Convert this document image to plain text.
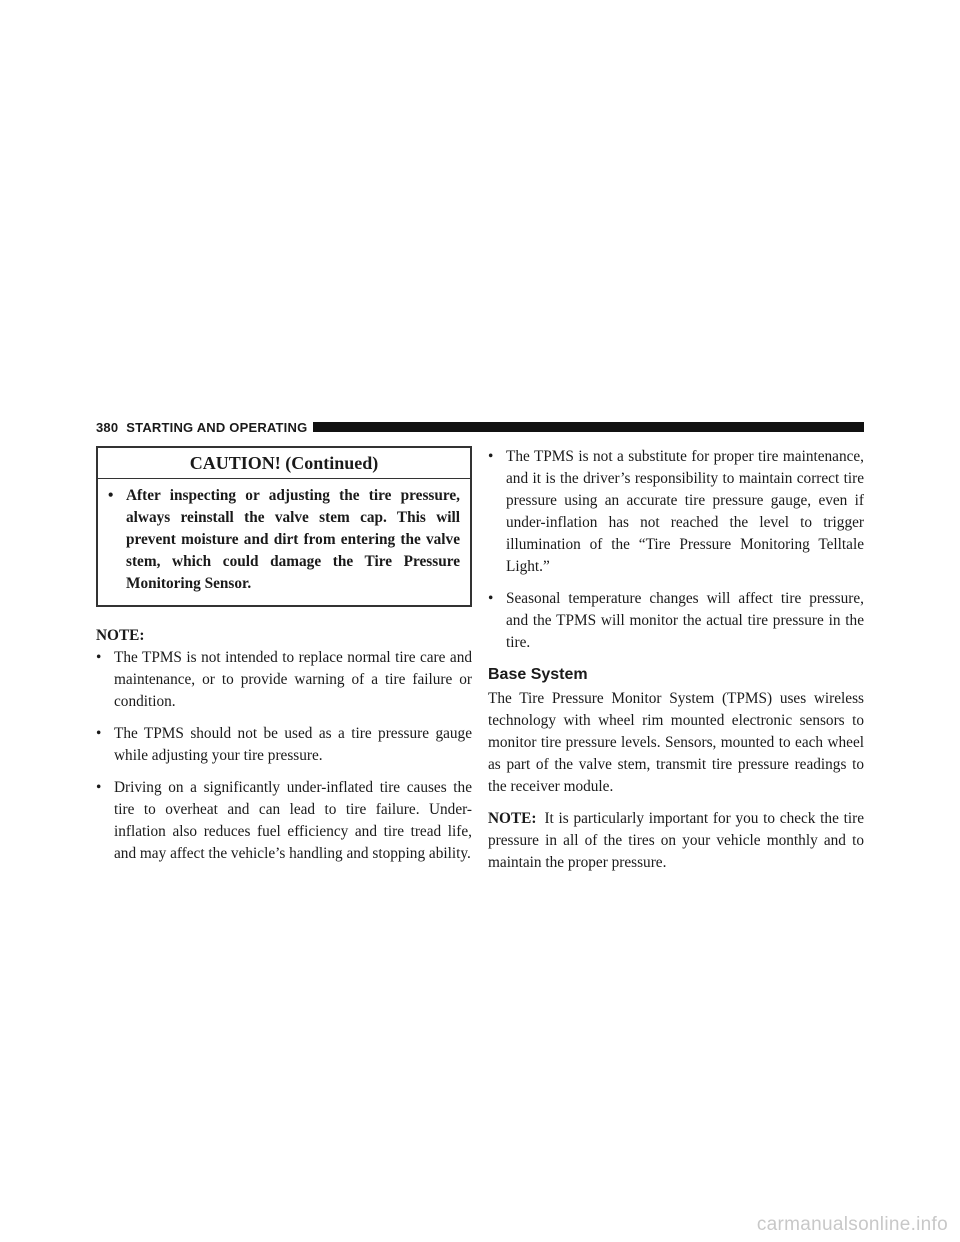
380 STARTING AND OPERATING
CAUTION! (Continued)
• After inspecting or adjusting the tire pressure, always reinstall the valve stem cap. This will prevent moisture and dirt from entering the valve stem, which could damage the Tire Pressure Monitoring Sensor.
NOTE:
• The TPMS is not intended to replace normal tire care and maintenance, or to provide warning of a tire failure or condition.
• The TPMS should not be used as a tire pressure gauge while adjusting your tire pressure.
• Driving on a significantly under-inflated tire causes the tire to overheat and can lead to tire failure. Under-inflation also reduces fuel efficiency and tire tread life, and may affect the vehicle’s handling and stopping ability.
• The TPMS is not a substitute for proper tire maintenance, and it is the driver’s responsibility to maintain correct tire pressure using an accurate tire pressure gauge, even if under-inflation has not reached the level to trigger illumination of the “Tire Pressure Monitoring Telltale Light.”
• Seasonal temperature changes will affect tire pressure, and the TPMS will monitor the actual tire pressure in the tire.
Base System

The Tire Pressure Monitor System (TPMS) uses wireless technology with wheel rim mounted electronic sensors to monitor tire pressure levels. Sensors, mounted to each wheel as part of the valve stem, transmit tire pressure readings to the receiver module.

NOTE: It is particularly important for you to check the tire pressure in all of the tires on your vehicle monthly and to maintain the proper pressure.

carmanualsonline.info
